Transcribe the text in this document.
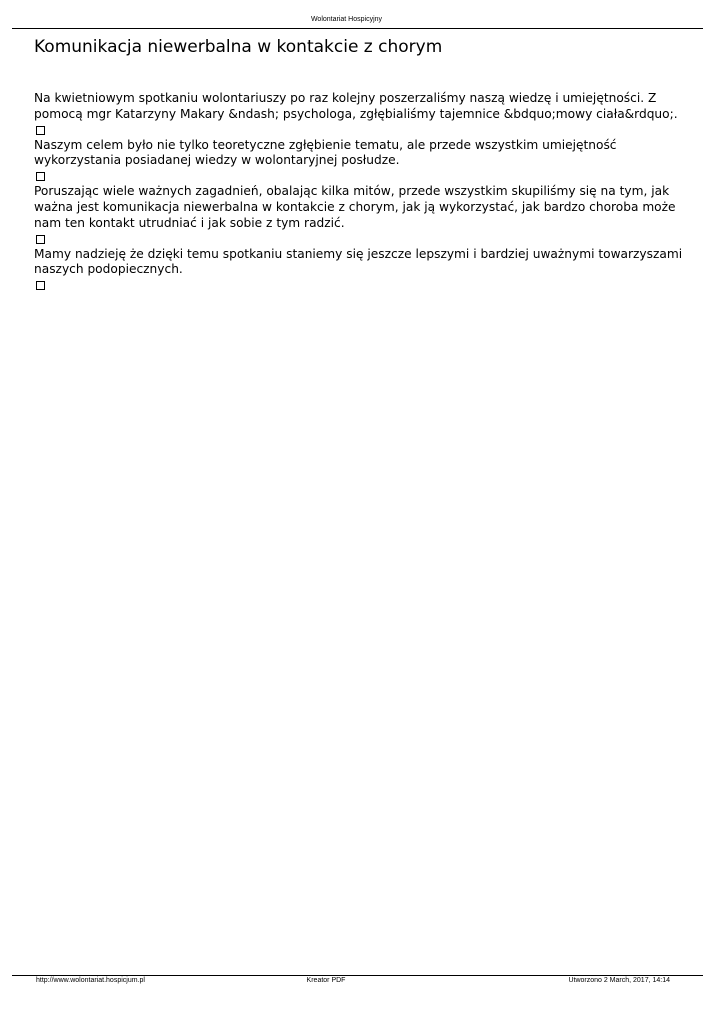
Wolontariat Hospicyjny
Komunikacja niewerbalna w kontakcie z chorym

Na kwietniowym spotkaniu wolontariuszy po raz kolejny poszerzaliśmy naszą wiedzę i umiejętności. Z pomocą mgr Katarzyny Makary &ndash; psychologa, zgłębialiśmy tajemnice &bdquo;mowy ciała&rdquo;.

Naszym celem było nie tylko teoretyczne zgłębienie tematu, ale przede wszystkim umiejętność wykorzystania posiadanej wiedzy w wolontaryjnej posłudze.

Poruszając wiele ważnych zagadnień, obalając kilka mitów, przede wszystkim skupiliśmy się na tym, jak ważna jest komunikacja niewerbalna w kontakcie z chorym, jak ją wykorzystać, jak bardzo choroba może nam ten kontakt utrudniać i jak sobie z tym radzić.

Mamy nadzieję że dzięki temu spotkaniu staniemy się jeszcze lepszymi i bardziej uważnymi towarzyszami naszych podopiecznych.

http://www.wolontariat.hospicjum.pl	Kreator PDF	Utworzono 2 March, 2017, 14:14
